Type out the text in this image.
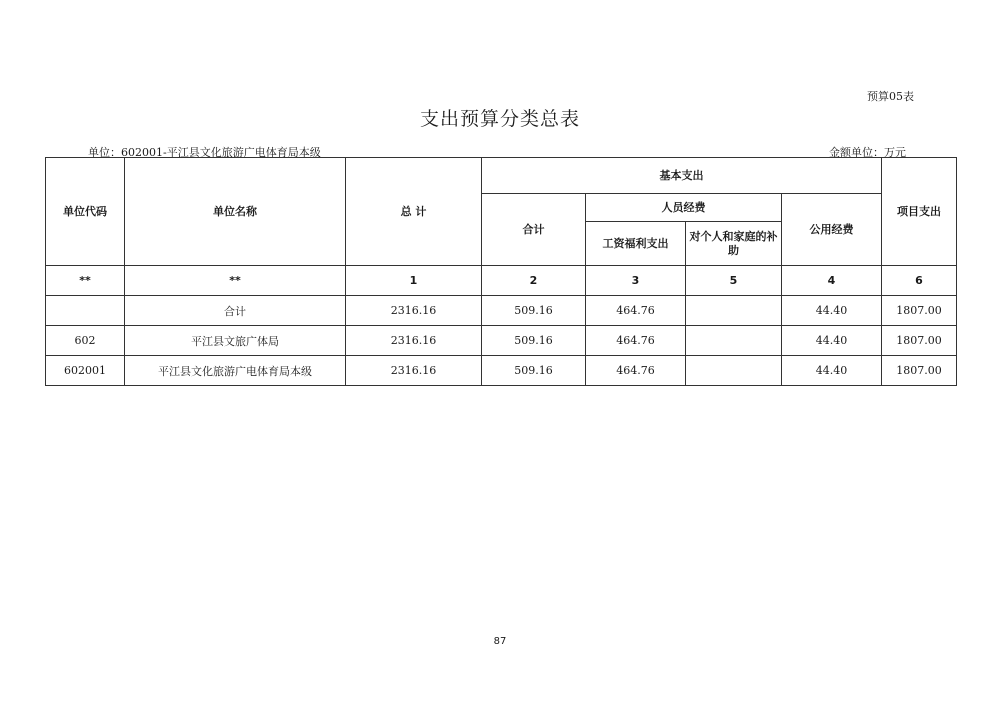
预算05表
支出预算分类总表
单位：602001-平江县文化旅游广电体育局本级	金额单位：万元
单位代码	单位名称	总 计	基本支出				项目支出
			合计	人员经费		公用经费	
				工资福利支出	对个人和家庭的补助		
**	**	1	2	3	5	4	6
	合计	2316.16	509.16	464.76		44.40	1807.00
602	平江县文旅广体局	2316.16	509.16	464.76		44.40	1807.00
602001	平江县文化旅游广电体育局本级	2316.16	509.16	464.76		44.40	1807.00
87
